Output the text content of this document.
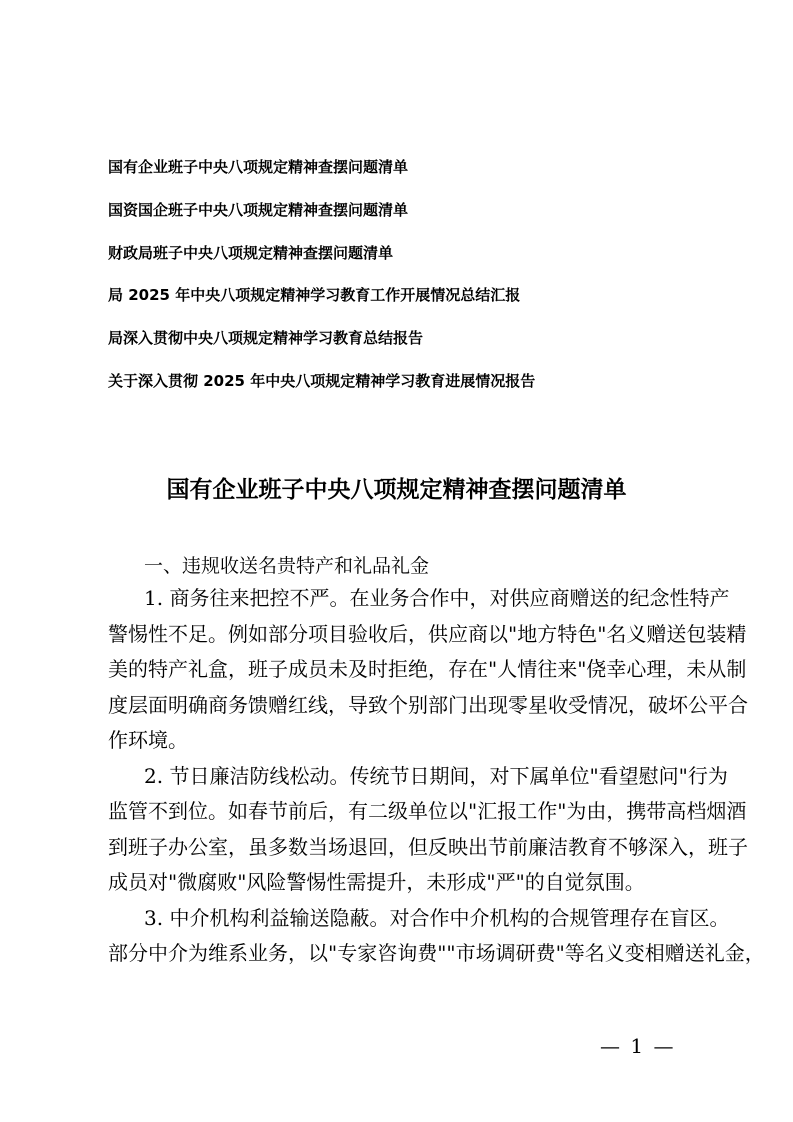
国有企业班子中央八项规定精神查摆问题清单
国资国企班子中央八项规定精神查摆问题清单
财政局班子中央八项规定精神查摆问题清单
局 2025 年中央八项规定精神学习教育工作开展情况总结汇报
局深入贯彻中央八项规定精神学习教育总结报告
关于深入贯彻 2025 年中央八项规定精神学习教育进展情况报告
国有企业班子中央八项规定精神查摆问题清单
一、违规收送名贵特产和礼品礼金
1. 商务往来把控不严。在业务合作中，对供应商赠送的纪念性特产
警惕性不足。例如部分项目验收后，供应商以"地方特色"名义赠送包装精
美的特产礼盒，班子成员未及时拒绝，存在"人情往来"侥幸心理，未从制
度层面明确商务馈赠红线，导致个别部门出现零星收受情况，破坏公平合
作环境。
2. 节日廉洁防线松动。传统节日期间，对下属单位"看望慰问"行为
监管不到位。如春节前后，有二级单位以"汇报工作"为由，携带高档烟酒
到班子办公室，虽多数当场退回，但反映出节前廉洁教育不够深入，班子
成员对"微腐败"风险警惕性需提升，未形成"严"的自觉氛围。
3. 中介机构利益输送隐蔽。对合作中介机构的合规管理存在盲区。
部分中介为维系业务，以"专家咨询费""市场调研费"等名义变相赠送礼金，
— 1 —
